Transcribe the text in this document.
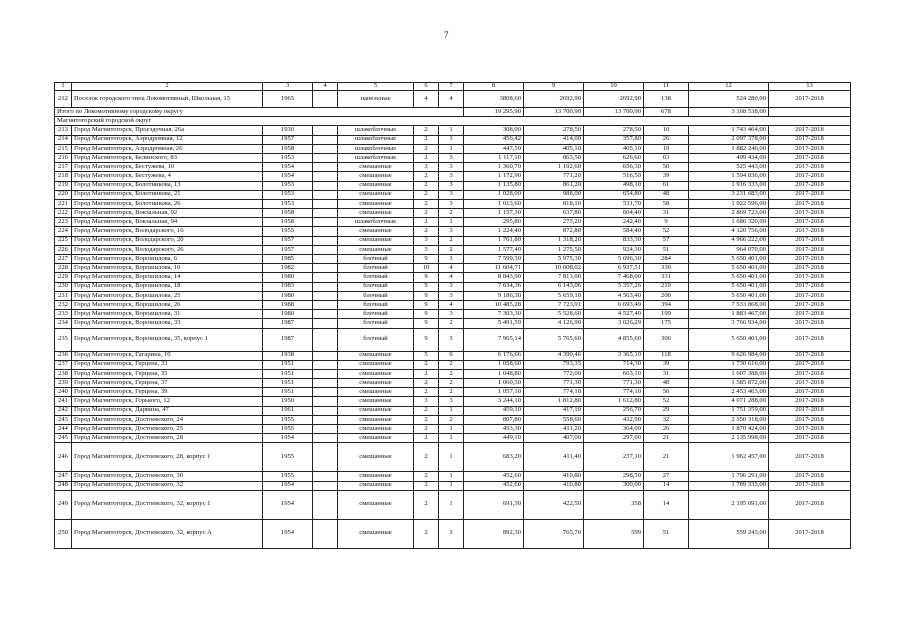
7
1	2	3	4	5	6	7	8	9	10	11	12	13
212	Поселок городского типа Локомотивный, Школьная, 15	1965		панельные	4	4	3808,60	2692,90	2692,90	138	524 280,00	2017-2018
Итого по Локомотивному городскому округу							19 295,90	13 700,90	13 700,90	678	3 168 538,00	
Магнитогорский городской округ												
213	Город Магнитогорск, Проездочная, 26а	1930		шлакоблочные	2	1	308,00	278,50	278,50	10	1 743 464,00	2017-2018
214	Город Магнитогорск, Аэродромная, 12	1957		шлакоблочные	2	1	456,42	414,00	357,80	26	2 097 378,00	2017-2018
215	Город Магнитогорск, Аэродромная, 26	1958		шлакоблочные	2	1	447,50	405,10	405,10	19	1 882 246,00	2017-2018
216	Город Магнитогорск, Белинского, 83	1953		шлакоблочные	2	3	1 117,10	863,50	626,60	63	499 434,00	2017-2018
217	Город Магнитогорск, Бестужева, 10	1954		смешанные	3	3	1 360,70	1 192,60	656,30	50	525 443,00	2017-2018
218	Город Магнитогорск, Бестужева, 4	1954		смешанные	2	3	1 172,90	771,20	516,50	39	1 594 836,00	2017-2018
219	Город Магнитогорск, Болотникова, 13	1953		смешанные	2	3	1 135,80	861,20	498,10	61	1 916 333,00	2017-2018
220	Город Магнитогорск, Болотникова, 21	1953		смешанные	2	3	1 028,00	988,00	654,80	48	3 231 683,00	2017-2018
221	Город Магнитогорск, Болотникова, 26	1953		смешанные	2	3	1 013,60	818,10	531,70	58	1 922 596,00	2017-2018
222	Город Магнитогорск, Вокзальная, 92	1958		смешанные	2	2	1 157,30	637,80	604,40	31	2 869 723,00	2017-2018
223	Город Магнитогорск, Вокзальная, 94	1958		шлакоблочные	2	1	295,80	273,20	242,40	9	1 686 320,00	2017-2018
224	Город Магнитогорск, Володарского, 16	1955		смешанные	2	3	1 224,40	872,80	584,40	52	4 120 756,00	2017-2018
225	Город Магнитогорск, Володарского, 20	1957		смешанные	3	2	1 761,80	1 318,20	833,30	57	4 966 222,00	2017-2018
226	Город Магнитогорск, Володарского, 26	1957		смешанные	3	2	1 577,40	1 275,50	924,30	51	964 070,00	2017-2018
227	Город Магнитогорск, Ворошилова, 6	1985		блочный	9	3	7 599,30	5 975,30	5 696,30	284	5 650 401,00	2017-2018
228	Город Магнитогорск, Ворошилова, 10	1982		блочный	10	4	11 604,71	10 608,02	6 937,51	330	5 650 401,00	2017-2018
229	Город Магнитогорск, Ворошилова, 14	1980		блочный	9	4	8 843,90	7 813,00	7 468,00	331	5 650 401,00	2017-2018
230	Город Магнитогорск, Ворошилова, 18	1983		блочный	9	3	7 634,36	6 143,06	5 357,26	219	5 650 401,00	2017-2018
231	Город Магнитогорск, Ворошилова, 25	1980		блочный	9	3	9 186,30	5 659,10	4 563,40	200	5 650 401,00	2017-2018
232	Город Магнитогорск, Ворошилова, 26	1988		блочный	9	4	10 485,28	7 723,91	6 693,49	394	7 533 868,00	2017-2018
233	Город Магнитогорск, Ворошилова, 31	1980		блочный	9	3	7 303,30	5 528,60	4 527,40	199	1 883 467,00	2017-2018
234	Город Магнитогорск, Ворошилова, 33	1987		блочный	9	2	5 491,59	4 126,90	3 026,29	175	3 766 934,00	2017-2018
235	Город Магнитогорск, Ворошилова, 35, корпус 1	1987		блочный	9	3	7 965,14	5 765,60	4 855,60	306	5 650 401,00	2017-2018
236	Город Магнитогорск, Гагарина, 10	1938		смешанные	5	6	6 176,66	4 390,46	3 365,10	118	9 626 984,00	2017-2018
237	Город Магнитогорск, Герцена, 33	1951		смешанные	2	2	1 058,60	793,35	714,30	39	1 730 616,00	2017-2018
238	Город Магнитогорск, Герцена, 35	1951		смешанные	2	2	1 048,80	772,00	663,10	31	1 607 388,00	2017-2018
239	Город Магнитогорск, Герцена, 37	1951		смешанные	2	2	1 060,30	771,30	771,30	48	1 585 872,00	2017-2018
240	Город Магнитогорск, Герцена, 39	1951		смешанные	2	2	1 057,10	774,10	774,10	56	2 453 463,00	2017-2018
241	Город Магнитогорск, Горького, 12	1950		смешанные	3	3	3 244,10	1 812,80	1 612,80	52	4 071 288,00	2017-2018
242	Город Магнитогорск, Дарвина, 47	1961		смешанные	2	1	459,10	417,10	256,70	29	1 751 359,00	2017-2018
243	Город Магнитогорск, Достоевского, 24	1955		смешанные	2	2	807,80	558,60	432,90	32	2 350 318,00	2017-2018
244	Город Магнитогорск, Достоевского, 25	1955		смешанные	2	1	453,30	411,20	364,00	26	1 870 424,00	2017-2018
245	Город Магнитогорск, Достоевского, 28	1954		смешанные	2	1	449,10	407,00	297,00	21	2 135 998,00	2017-2018
246	Город Магнитогорск, Достоевского, 28, корпус 1	1955		смешанные	2	1	683,20	411,40	237,10	21	1 962 457,00	2017-2018
247	Город Магнитогорск, Достоевского, 30	1955		смешанные	2	1	452,60	410,80	298,50	27	1 796 291,00	2017-2018
248	Город Магнитогорск, Достоевского, 32	1954		смешанные	2	1	452,60	410,80	300,00	14	1 789 335,00	2017-2018
249	Город Магнитогорск, Достоевского, 32, корпус 1	1954		смешанные	2	1	691,30	422,50	358	14	2 195 091,00	2017-2018
250	Город Магнитогорск, Достоевского, 32, корпус А	1954		смешанные	2	3	892,30	765,70	599	51	559 243,00	2017-2018
